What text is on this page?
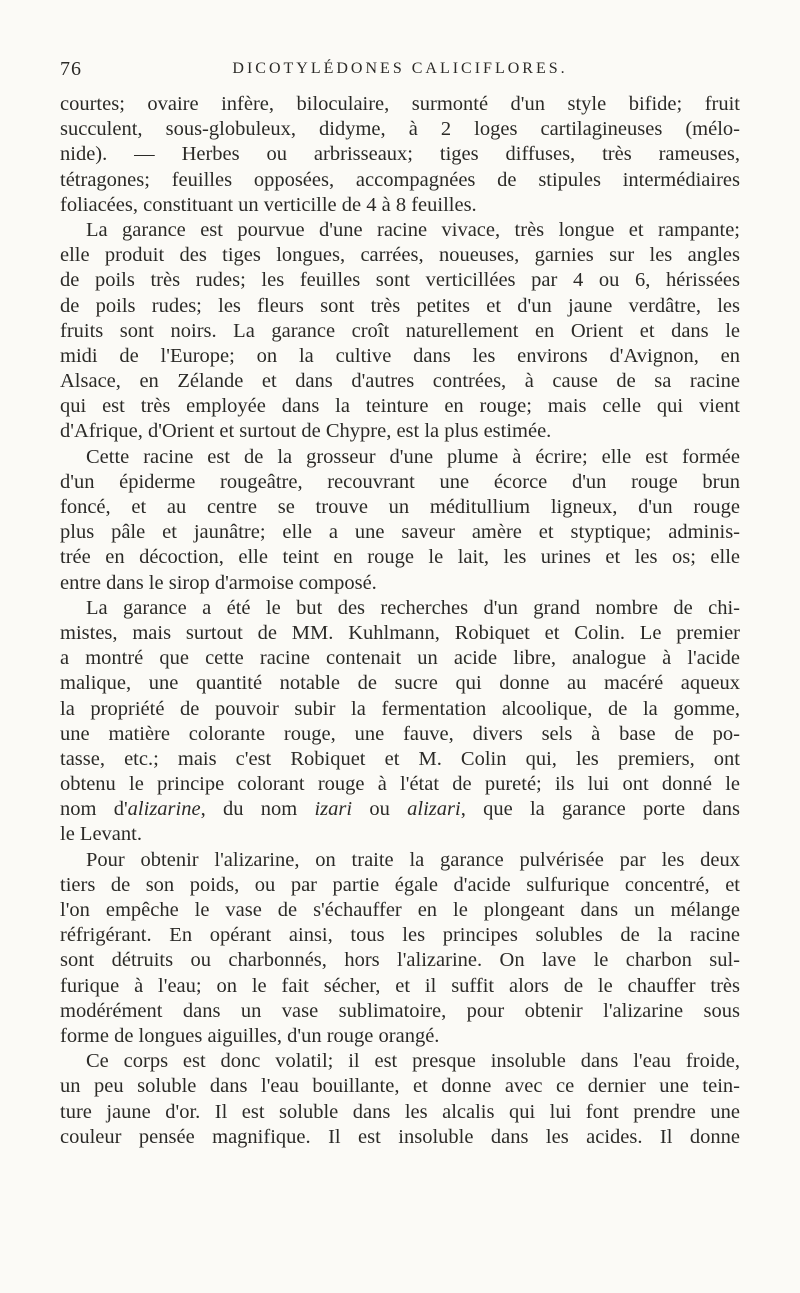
76	DICOTYLÉDONES CALICIFLORES.
courtes; ovaire infère, biloculaire, surmonté d'un style bifide; fruit
succulent, sous-globuleux, didyme, à 2 loges cartilagineuses (mélo-
nide). — Herbes ou arbrisseaux; tiges diffuses, très rameuses,
tétragones; feuilles opposées, accompagnées de stipules intermédiaires
foliacées, constituant un verticille de 4 à 8 feuilles.
La garance est pourvue d'une racine vivace, très longue et rampante;
elle produit des tiges longues, carrées, noueuses, garnies sur les angles
de poils très rudes; les feuilles sont verticillées par 4 ou 6, hérissées
de poils rudes; les fleurs sont très petites et d'un jaune verdâtre, les
fruits sont noirs. La garance croît naturellement en Orient et dans le
midi de l'Europe; on la cultive dans les environs d'Avignon, en
Alsace, en Zélande et dans d'autres contrées, à cause de sa racine
qui est très employée dans la teinture en rouge; mais celle qui vient
d'Afrique, d'Orient et surtout de Chypre, est la plus estimée.
Cette racine est de la grosseur d'une plume à écrire; elle est formée
d'un épiderme rougeâtre, recouvrant une écorce d'un rouge brun
foncé, et au centre se trouve un méditullium ligneux, d'un rouge
plus pâle et jaunâtre; elle a une saveur amère et styptique; adminis-
trée en décoction, elle teint en rouge le lait, les urines et les os; elle
entre dans le sirop d'armoise composé.
La garance a été le but des recherches d'un grand nombre de chi-
mistes, mais surtout de MM. Kuhlmann, Robiquet et Colin. Le premier
a montré que cette racine contenait un acide libre, analogue à l'acide
malique, une quantité notable de sucre qui donne au macéré aqueux
la propriété de pouvoir subir la fermentation alcoolique, de la gomme,
une matière colorante rouge, une fauve, divers sels à base de po-
tasse, etc.; mais c'est Robiquet et M. Colin qui, les premiers, ont
obtenu le principe colorant rouge à l'état de pureté; ils lui ont donné le
nom d'alizarine, du nom izari ou alizari, que la garance porte dans
le Levant.
Pour obtenir l'alizarine, on traite la garance pulvérisée par les deux
tiers de son poids, ou par partie égale d'acide sulfurique concentré, et
l'on empêche le vase de s'échauffer en le plongeant dans un mélange
réfrigérant. En opérant ainsi, tous les principes solubles de la racine
sont détruits ou charbonnés, hors l'alizarine. On lave le charbon sul-
furique à l'eau; on le fait sécher, et il suffit alors de le chauffer très
modérément dans un vase sublimatoire, pour obtenir l'alizarine sous
forme de longues aiguilles, d'un rouge orangé.
Ce corps est donc volatil; il est presque insoluble dans l'eau froide,
un peu soluble dans l'eau bouillante, et donne avec ce dernier une tein-
ture jaune d'or. Il est soluble dans les alcalis qui lui font prendre une
couleur pensée magnifique. Il est insoluble dans les acides. Il donne
